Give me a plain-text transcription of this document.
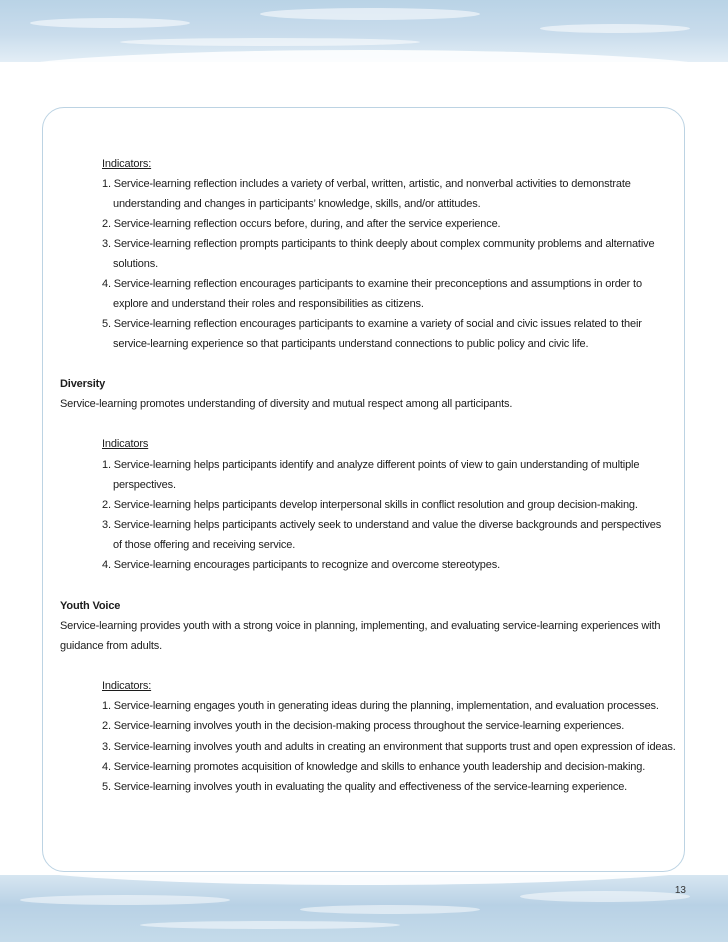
Indicators:
1. Service-learning reflection includes a variety of verbal, written, artistic, and nonverbal activities to demonstrate
understanding and changes in participants’ knowledge, skills, and/or attitudes.
2. Service-learning reflection occurs before, during, and after the service experience.
3. Service-learning reflection prompts participants to think deeply about complex community problems and alternative
solutions.
4. Service-learning reflection encourages participants to examine their preconceptions and assumptions in order to
explore and understand their roles and responsibilities as citizens.
5. Service-learning reflection encourages participants to examine a variety of social and civic issues related to their
service-learning experience so that participants understand connections to public policy and civic life.
Diversity
Service-learning promotes understanding of diversity and mutual respect among all participants.
Indicators
1. Service-learning helps participants identify and analyze different points of view to gain understanding of multiple
perspectives.
2. Service-learning helps participants develop interpersonal skills in conflict resolution and group decision-making.
3. Service-learning helps participants actively seek to understand and value the diverse backgrounds and perspectives
of those offering and receiving service.
4. Service-learning encourages participants to recognize and overcome stereotypes.
Youth Voice
Service-learning provides youth with a strong voice in planning, implementing, and evaluating service-learning experiences with
guidance from adults.
Indicators:
1. Service-learning engages youth in generating ideas during the planning, implementation, and evaluation processes.
2. Service-learning involves youth in the decision-making process throughout the service-learning experiences.
3. Service-learning involves youth and adults in creating an environment that supports trust and open expression of ideas.
4. Service-learning promotes acquisition of knowledge and skills to enhance youth leadership and decision-making.
5. Service-learning involves youth in evaluating the quality and effectiveness of the service-learning experience.
13
